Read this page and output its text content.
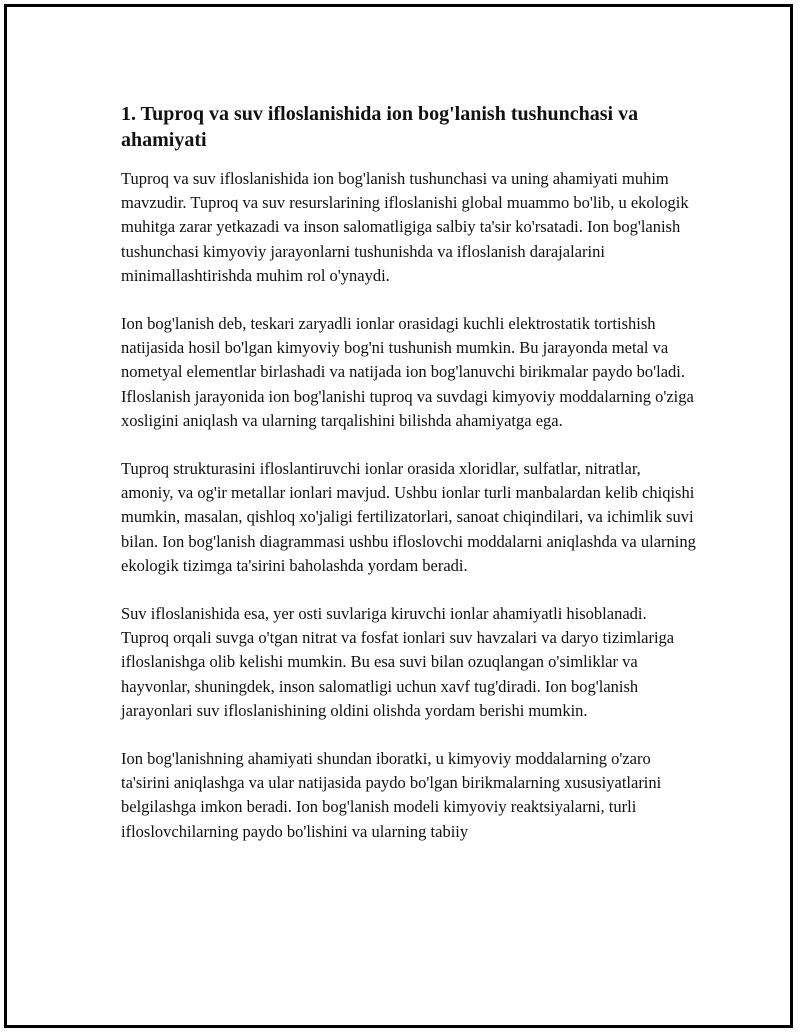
1. Tuproq va suv ifloslanishida ion bog'lanish tushunchasi va ahamiyati

Tuproq va suv ifloslanishida ion bog'lanish tushunchasi va uning ahamiyati muhim mavzudir. Tuproq va suv resurslarining ifloslanishi global muammo bo'lib, u ekologik muhitga zarar yetkazadi va inson salomatligiga salbiy ta'sir ko'rsatadi. Ion bog'lanish tushunchasi kimyoviy jarayonlarni tushunishda va ifloslanish darajalarini minimallashtirishda muhim rol o'ynaydi.

Ion bog'lanish deb, teskari zaryadli ionlar orasidagi kuchli elektrostatik tortishish natijasida hosil bo'lgan kimyoviy bog'ni tushunish mumkin. Bu jarayonda metal va nometyal elementlar birlashadi va natijada ion bog'lanuvchi birikmalar paydo bo'ladi. Ifloslanish jarayonida ion bog'lanishi tuproq va suvdagi kimyoviy moddalarning o'ziga xosligini aniqlash va ularning tarqalishini bilishda ahamiyatga ega.

Tuproq strukturasini ifloslantiruvchi ionlar orasida xloridlar, sulfatlar, nitratlar, amoniy, va og'ir metallar ionlari mavjud. Ushbu ionlar turli manbalardan kelib chiqishi mumkin, masalan, qishloq xo'jaligi fertilizatorlari, sanoat chiqindilari, va ichimlik suvi bilan. Ion bog'lanish diagrammasi ushbu ifloslovchi moddalarni aniqlashda va ularning ekologik tizimga ta'sirini baholashda yordam beradi.

Suv ifloslanishida esa, yer osti suvlariga kiruvchi ionlar ahamiyatli hisoblanadi. Tuproq orqali suvga o'tgan nitrat va fosfat ionlari suv havzalari va daryo tizimlariga ifloslanishga olib kelishi mumkin. Bu esa suvi bilan ozuqlangan o'simliklar va hayvonlar, shuningdek, inson salomatligi uchun xavf tug'diradi. Ion bog'lanish jarayonlari suv ifloslanishining oldini olishda yordam berishi mumkin.

Ion bog'lanishning ahamiyati shundan iboratki, u kimyoviy moddalarning o'zaro ta'sirini aniqlashga va ular natijasida paydo bo'lgan birikmalarning xususiyatlarini belgilashga imkon beradi. Ion bog'lanish modeli kimyoviy reaktsiyalarni, turli ifloslovchilarning paydo bo'lishini va ularning tabiiy
